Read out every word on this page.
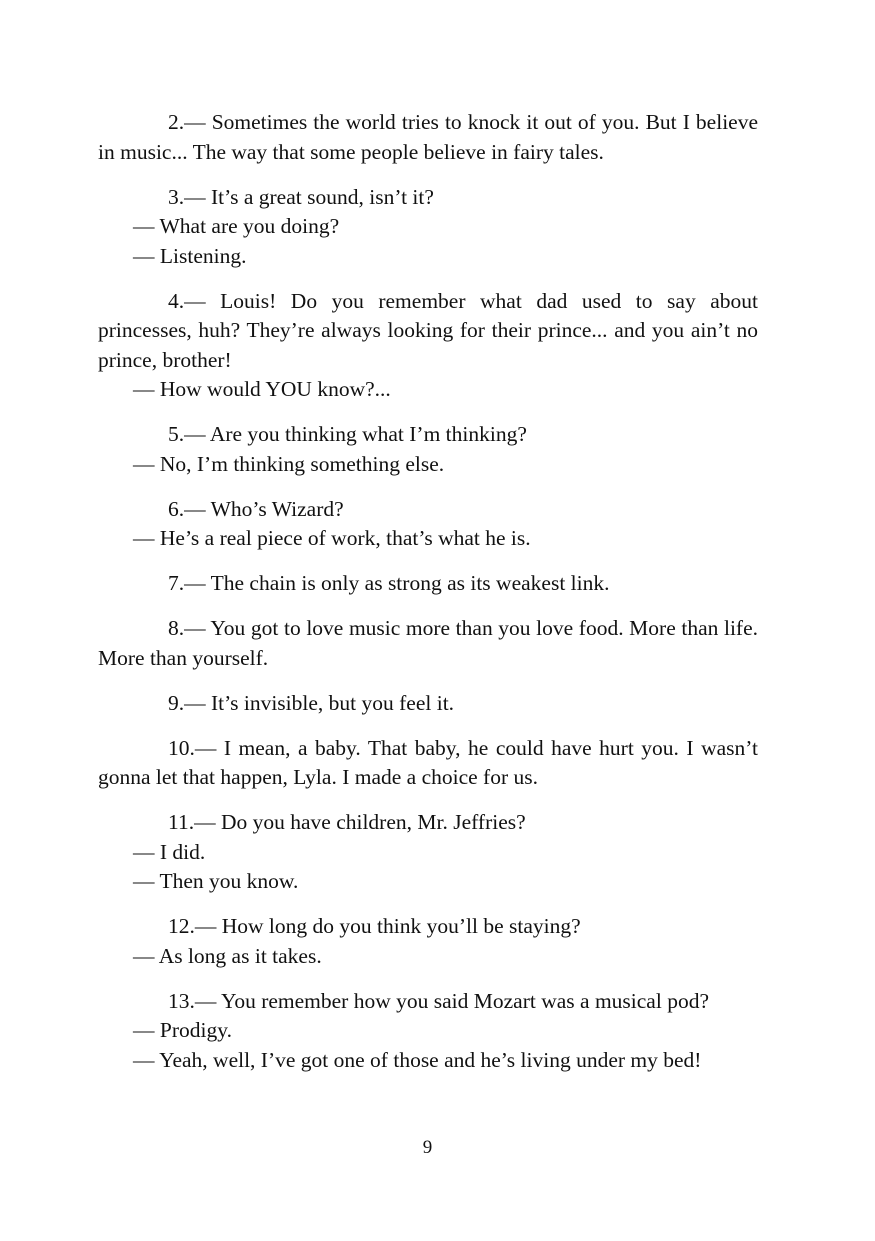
2.— Sometimes the world tries to knock it out of you. But I believe in music... The way that some people believe in fairy tales.

3.— It’s a great sound, isn’t it?

— What are you doing?

— Listening.

4.— Louis! Do you remember what dad used to say about princesses, huh? They’re always looking for their prince... and you ain’t no prince, brother!

— How would YOU know?...

5.— Are you thinking what I’m thinking?

— No, I’m thinking something else.

6.— Who’s Wizard?

— He’s a real piece of work, that’s what he is.

7.— The chain is only as strong as its weakest link.

8.— You got to love music more than you love food. More than life. More than yourself.

9.— It’s invisible, but you feel it.

10.— I mean, a baby. That baby, he could have hurt you. I wasn’t gonna let that happen, Lyla. I made a choice for us.

11.— Do you have children, Mr. Jeffries?

— I did.

— Then you know.

12.— How long do you think you’ll be staying?

— As long as it takes.

13.— You remember how you said Mozart was a musical pod?

— Prodigy.

— Yeah, well, I’ve got one of those and he’s living under my bed!

9
